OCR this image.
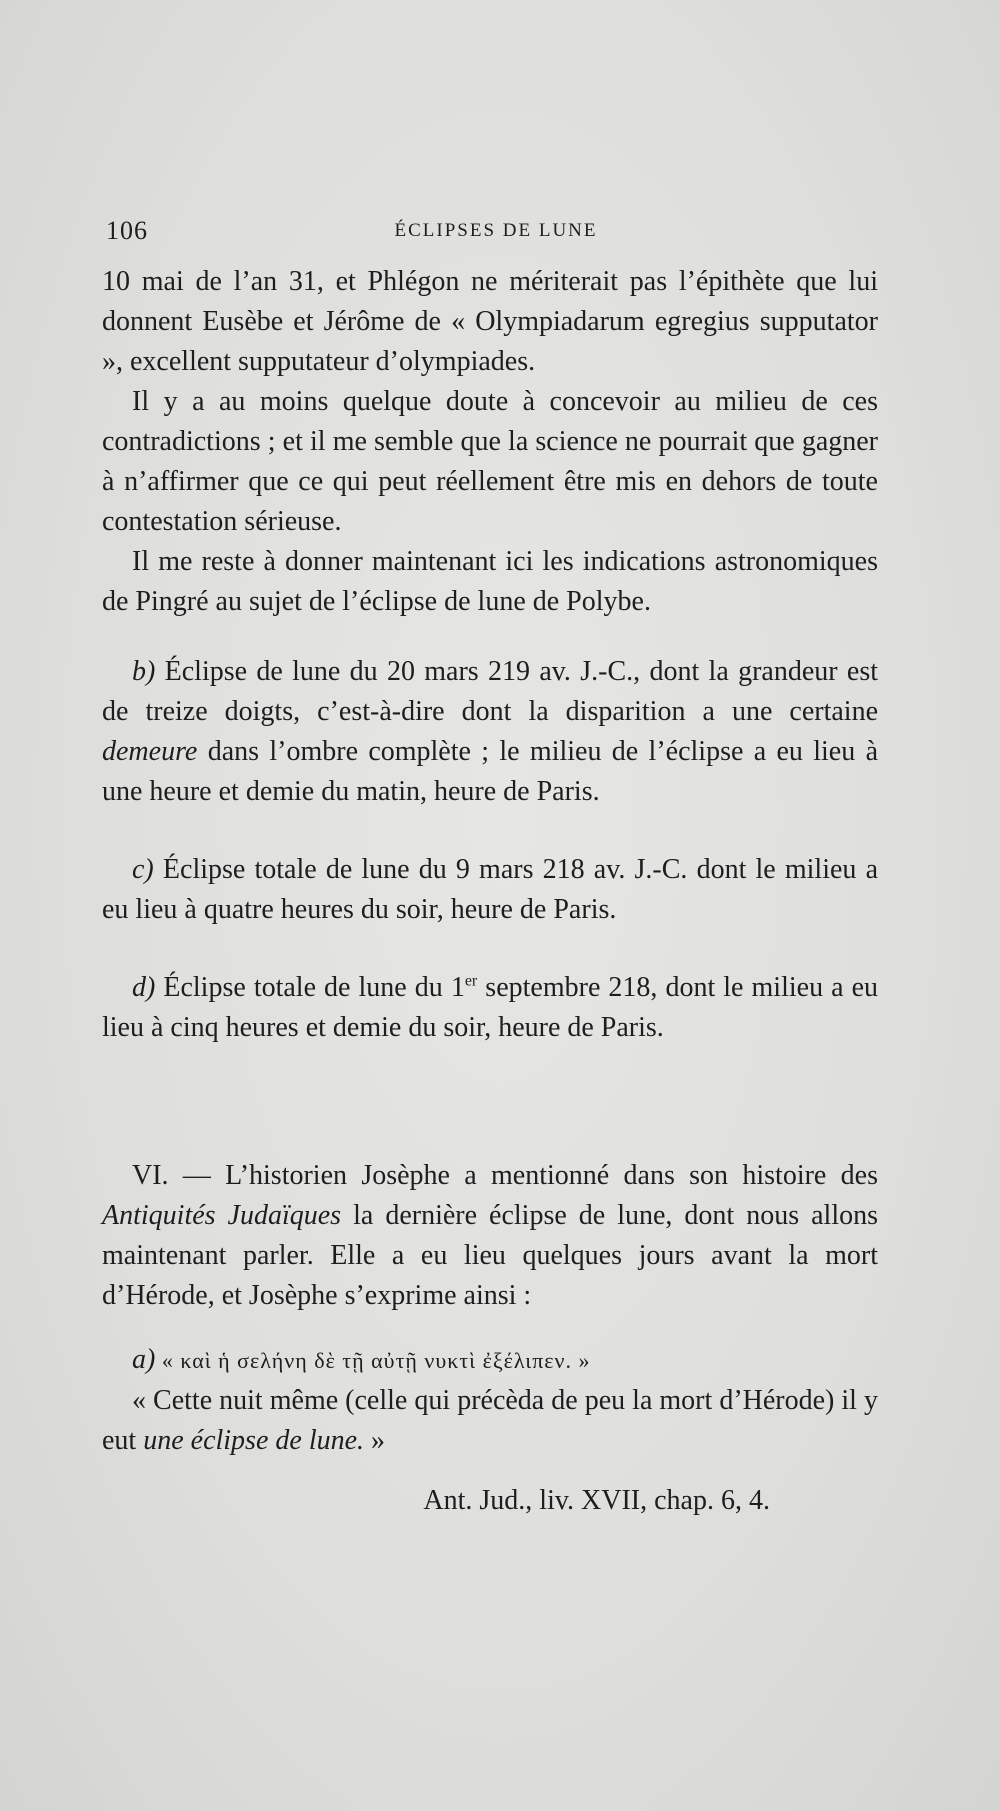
106	ÉCLIPSES DE LUNE

10 mai de l’an 31, et Phlégon ne mériterait pas l’épithète que lui donnent Eusèbe et Jérôme de « Olympiadarum egregius supputator », excellent supputateur d’olympiades.

Il y a au moins quelque doute à concevoir au milieu de ces contradictions ; et il me semble que la science ne pourrait que gagner à n’affirmer que ce qui peut réellement être mis en dehors de toute contestation sérieuse.

Il me reste à donner maintenant ici les indications astronomiques de Pingré au sujet de l’éclipse de lune de Polybe.

b) Éclipse de lune du 20 mars 219 av. J.-C., dont la grandeur est de treize doigts, c’est-à-dire dont la disparition a une certaine demeure dans l’ombre complète ; le milieu de l’éclipse a eu lieu à une heure et demie du matin, heure de Paris.

c) Éclipse totale de lune du 9 mars 218 av. J.-C. dont le milieu a eu lieu à quatre heures du soir, heure de Paris.

d) Éclipse totale de lune du 1er septembre 218, dont le milieu a eu lieu à cinq heures et demie du soir, heure de Paris.

VI. — L’historien Josèphe a mentionné dans son histoire des Antiquités Judaïques la dernière éclipse de lune, dont nous allons maintenant parler. Elle a eu lieu quelques jours avant la mort d’Hérode, et Josèphe s’exprime ainsi :

a) « καὶ ἡ σελήνη δὲ τῇ αὐτῇ νυκτὶ ἐξέλιπεν. »

« Cette nuit même (celle qui précèda de peu la mort d’Hérode) il y eut une éclipse de lune. »

Ant. Jud., liv. XVII, chap. 6, 4.
